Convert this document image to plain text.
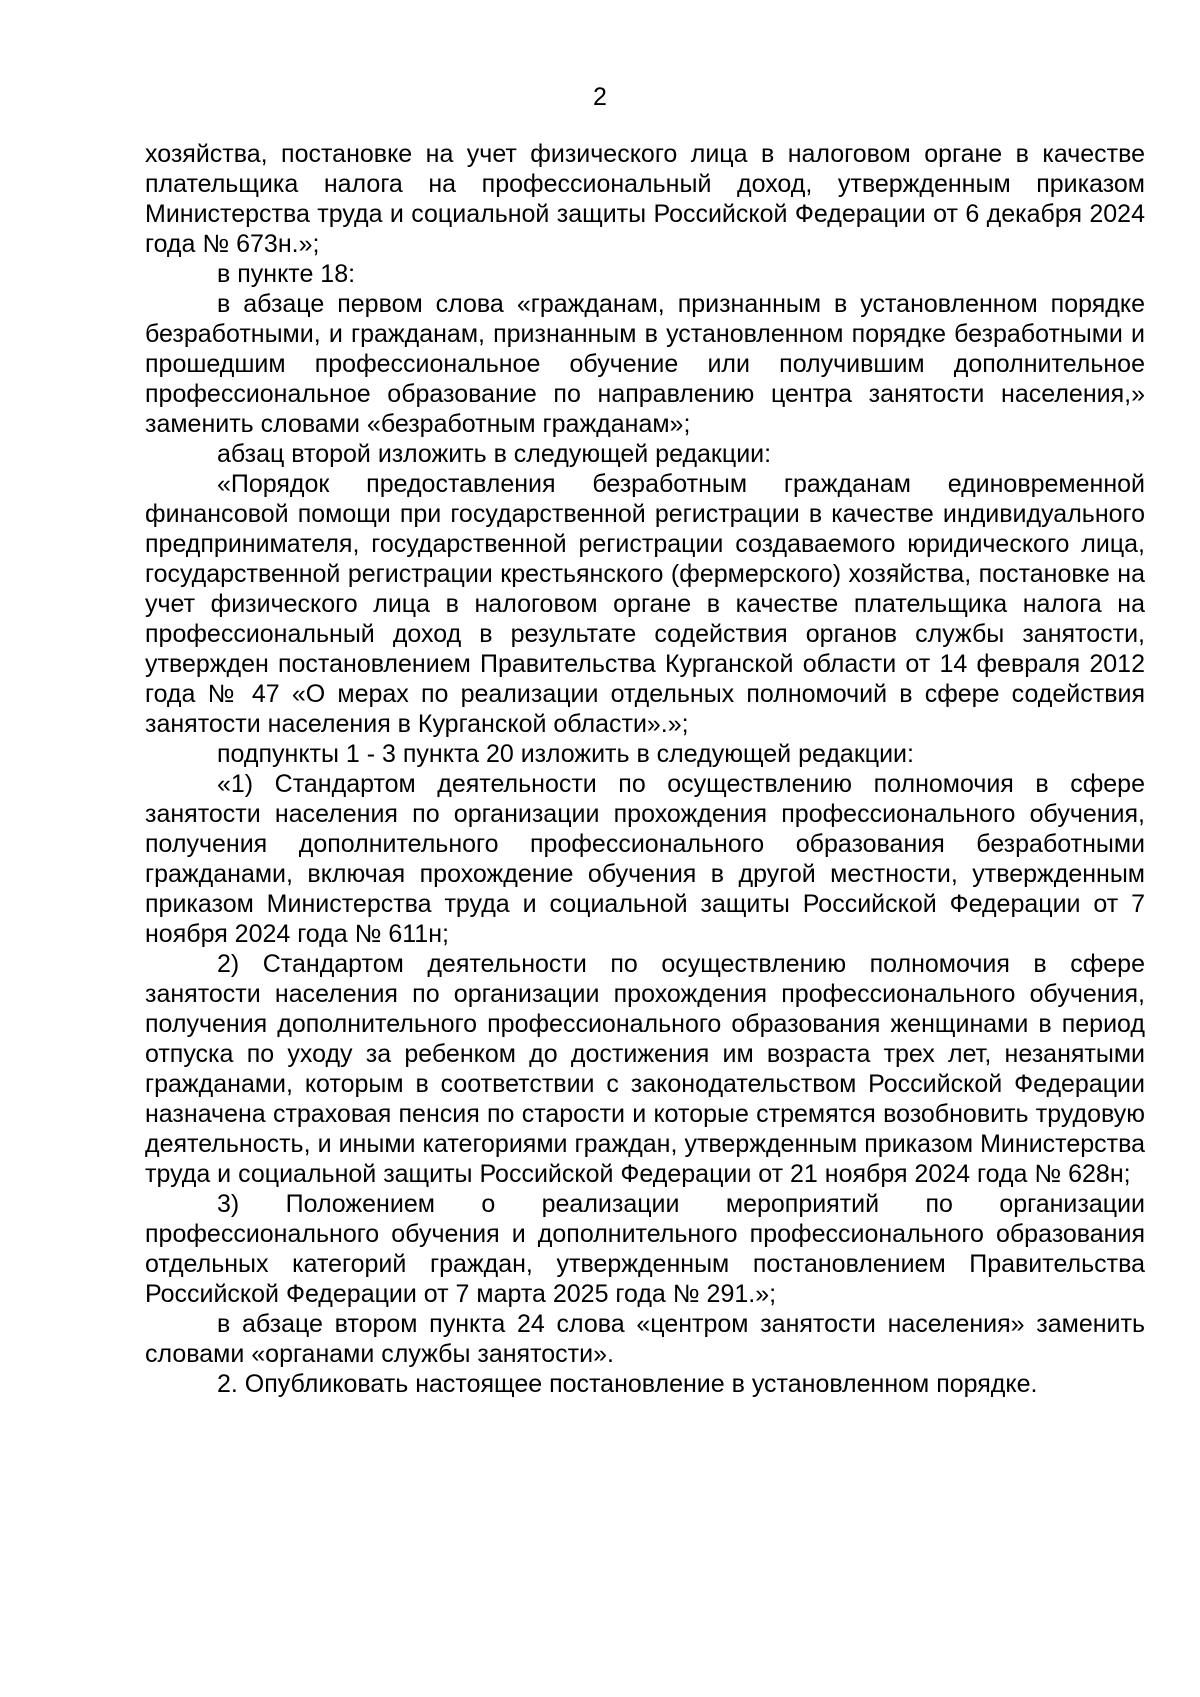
2

хозяйства, постановке на учет физического лица в налоговом органе в качестве плательщика налога на профессиональный доход, утвержденным приказом Министерства труда и социальной защиты Российской Федерации от 6 декабря 2024 года № 673н.»;

в пункте 18:

в абзаце первом слова «гражданам, признанным в установленном порядке безработными, и гражданам, признанным в установленном порядке безработными и прошедшим профессиональное обучение или получившим дополнительное профессиональное образование по направлению центра занятости населения,» заменить словами «безработным гражданам»;

абзац второй изложить в следующей редакции:

«Порядок предоставления безработным гражданам единовременной финансовой помощи при государственной регистрации в качестве индивидуального предпринимателя, государственной регистрации создаваемого юридического лица, государственной регистрации крестьянского (фермерского) хозяйства, постановке на учет физического лица в налоговом органе в качестве плательщика налога на профессиональный доход в результате содействия органов службы занятости, утвержден постановлением Правительства Курганской области от 14 февраля 2012 года № 47 «О мерах по реализации отдельных полномочий в сфере содействия занятости населения в Курганской области».»;

подпункты 1 - 3 пункта 20 изложить в следующей редакции:

«1) Стандартом деятельности по осуществлению полномочия в сфере занятости населения по организации прохождения профессионального обучения, получения дополнительного профессионального образования безработными гражданами, включая прохождение обучения в другой местности, утвержденным приказом Министерства труда и социальной защиты Российской Федерации от 7 ноября 2024 года № 611н;

2) Стандартом деятельности по осуществлению полномочия в сфере занятости населения по организации прохождения профессионального обучения, получения дополнительного профессионального образования женщинами в период отпуска по уходу за ребенком до достижения им возраста трех лет, незанятыми гражданами, которым в соответствии с законодательством Российской Федерации назначена страховая пенсия по старости и которые стремятся возобновить трудовую деятельность, и иными категориями граждан, утвержденным приказом Министерства труда и социальной защиты Российской Федерации от 21 ноября 2024 года № 628н;

3) Положением о реализации мероприятий по организации профессионального обучения и дополнительного профессионального образования отдельных категорий граждан, утвержденным постановлением Правительства Российской Федерации от 7 марта 2025 года № 291.»;

в абзаце втором пункта 24 слова «центром занятости населения» заменить словами «органами службы занятости».

2. Опубликовать настоящее постановление в установленном порядке.
